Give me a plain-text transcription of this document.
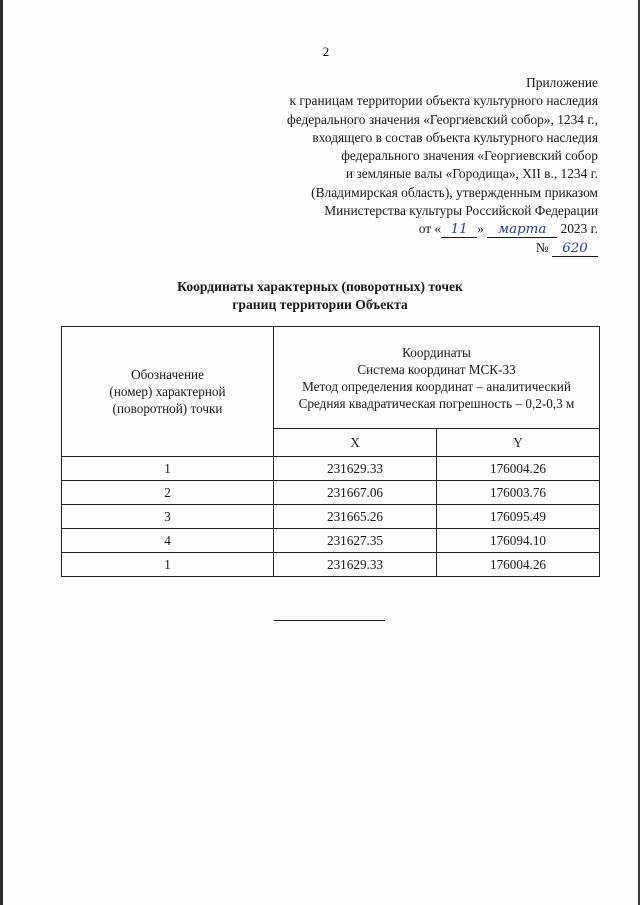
2
Приложение
к границам территории объекта культурного наследия
федерального значения «Георгиевский собор», 1234 г.,
входящего в состав объекта культурного наследия
федерального значения «Георгиевский собор
и земляные валы «Городища», XII в., 1234 г.
(Владимирская область), утвержденным приказом
Министерства культуры Российской Федерации
от « 11 » марта 2023 г.
№ 620
Координаты характерных (поворотных) точек
границ территории Объекта
Обозначение
(номер) характерной
(поворотной) точки	Координаты
Система координат МСК-33
Метод определения координат – аналитический
Средняя квадратическая погрешность – 0,2-0,3 м	

	X	Y
1	231629.33	176004.26
2	231667.06	176003.76
3	231665.26	176095.49
4	231627.35	176094.10
1	231629.33	176004.26
